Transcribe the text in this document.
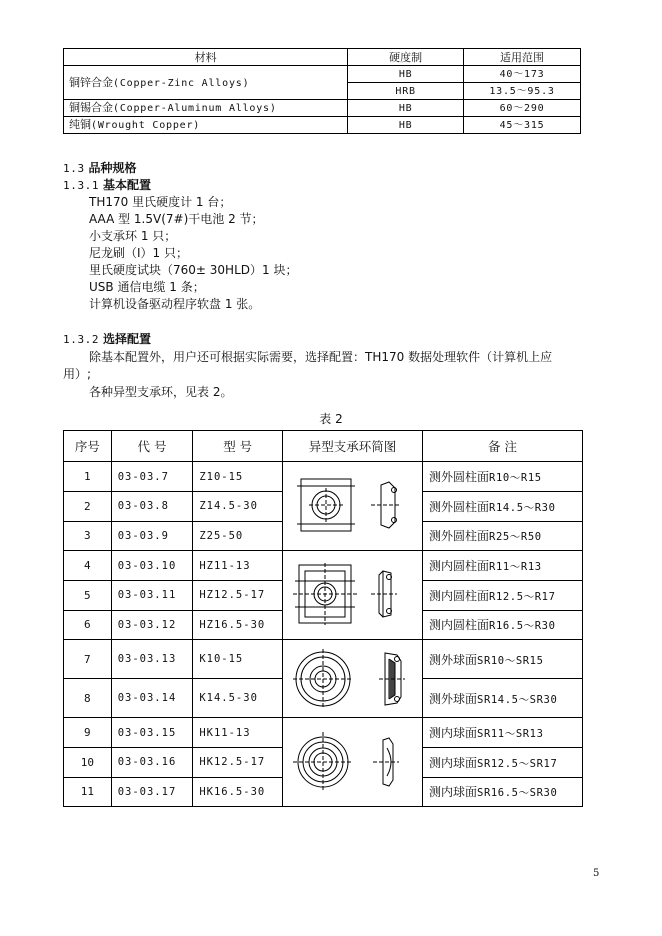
材料	硬度制	适用范围
铜锌合金(Copper-Zinc Alloys)	HB	40～173
	HRB	13.5～95.3
铜锡合金(Copper-Aluminum Alloys)	HB	60～290
纯铜(Wrought Copper)	HB	45～315
1.3 品种规格
1.3.1 基本配置
TH170 里氏硬度计 1 台；
AAA 型 1.5V(7#)干电池 2 节；
小支承环 1 只；
尼龙刷（Ⅰ）1 只；
里氏硬度试块（760± 30HLD）1 块；
USB 通信电缆 1 条；
计算机设备驱动程序软盘 1 张。
1.3.2 选择配置
除基本配置外，用户还可根据实际需要，选择配置：TH170 数据处理软件（计算机上应
用）;
各种异型支承环，见表 2。
表 2
序号	代 号	型 号	异型支承环简图	备 注
1	03-03.7	Z10-15		测外圆柱面R10～R15
2	03-03.8	Z14.5-30		测外圆柱面R14.5～R30
3	03-03.9	Z25-50		测外圆柱面R25～R50
4	03-03.10	HZ11-13		测内圆柱面R11～R13
5	03-03.11	HZ12.5-17		测内圆柱面R12.5～R17
6	03-03.12	HZ16.5-30		测内圆柱面R16.5～R30
7	03-03.13	K10-15		测外球面SR10～SR15
8	03-03.14	K14.5-30		测外球面SR14.5～SR30
9	03-03.15	HK11-13		测内球面SR11～SR13
10	03-03.16	HK12.5-17		测内球面SR12.5～SR17
11	03-03.17	HK16.5-30		测内球面SR16.5～SR30
5
